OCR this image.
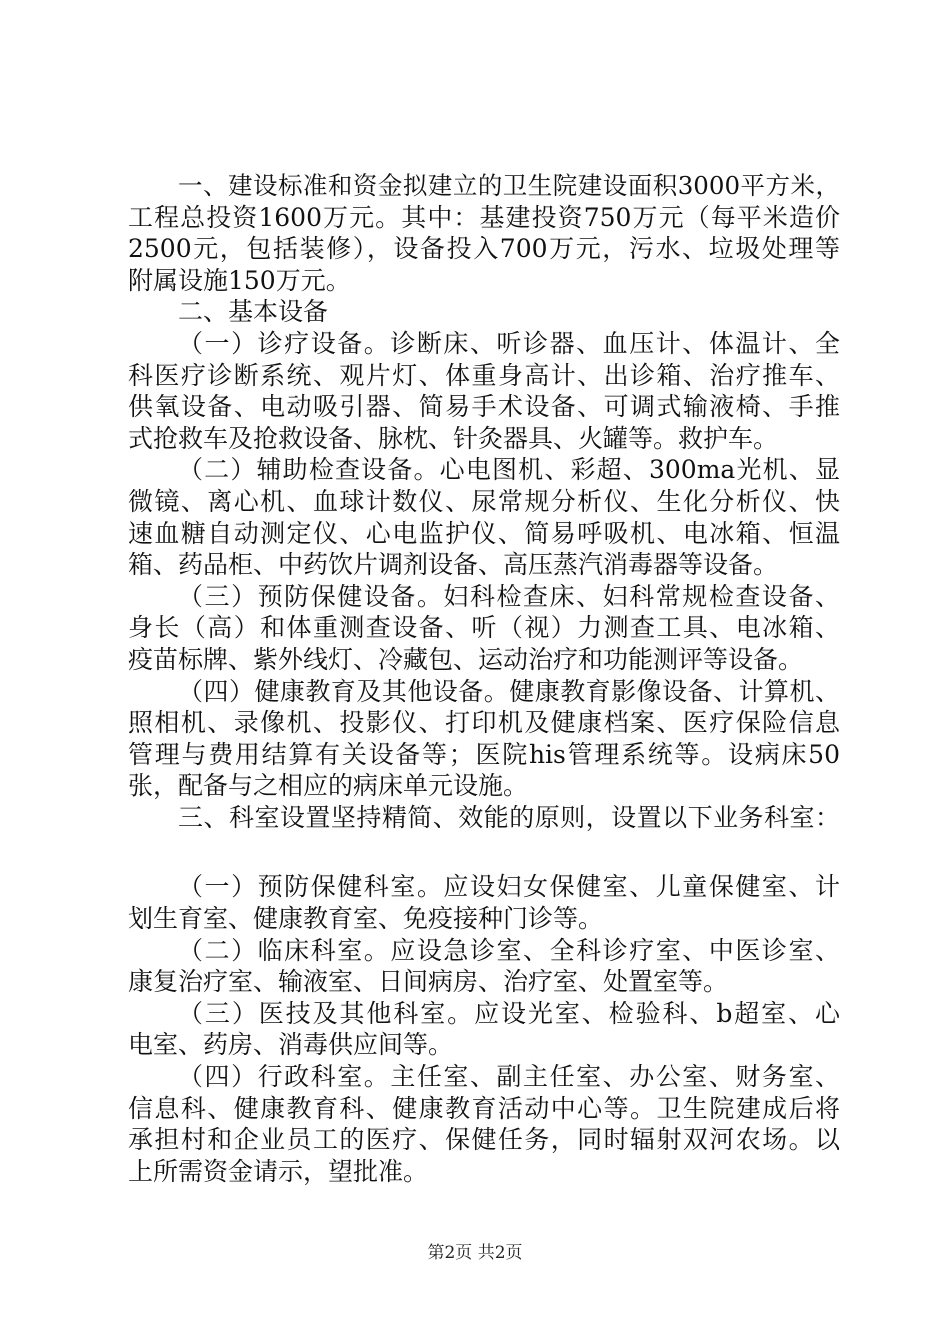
一、建设标准和资金拟建立的卫生院建设面积3000平方米，
工程总投资1600万元。其中：基建投资750万元（每平米造价
2500元，包括装修），设备投入700万元，污水、垃圾处理等
附属设施150万元。
二、基本设备
（一）诊疗设备。诊断床、听诊器、血压计、体温计、全
科医疗诊断系统、观片灯、体重身高计、出诊箱、治疗推车、
供氧设备、电动吸引器、简易手术设备、可调式输液椅、手推
式抢救车及抢救设备、脉枕、针灸器具、火罐等。救护车。
（二）辅助检查设备。心电图机、彩超、300ma光机、显
微镜、离心机、血球计数仪、尿常规分析仪、生化分析仪、快
速血糖自动测定仪、心电监护仪、简易呼吸机、电冰箱、恒温
箱、药品柜、中药饮片调剂设备、高压蒸汽消毒器等设备。
（三）预防保健设备。妇科检查床、妇科常规检查设备、
身长（高）和体重测查设备、听（视）力测查工具、电冰箱、
疫苗标牌、紫外线灯、冷藏包、运动治疗和功能测评等设备。
（四）健康教育及其他设备。健康教育影像设备、计算机、
照相机、录像机、投影仪、打印机及健康档案、医疗保险信息
管理与费用结算有关设备等；医院his管理系统等。设病床50
张，配备与之相应的病床单元设施。
三、科室设置坚持精简、效能的原则，设置以下业务科室：
（一）预防保健科室。应设妇女保健室、儿童保健室、计
划生育室、健康教育室、免疫接种门诊等。
（二）临床科室。应设急诊室、全科诊疗室、中医诊室、
康复治疗室、输液室、日间病房、治疗室、处置室等。
（三）医技及其他科室。应设光室、检验科、b超室、心
电室、药房、消毒供应间等。
（四）行政科室。主任室、副主任室、办公室、财务室、
信息科、健康教育科、健康教育活动中心等。卫生院建成后将
承担村和企业员工的医疗、保健任务，同时辐射双河农场。以
上所需资金请示，望批准。
第2页 共2页
